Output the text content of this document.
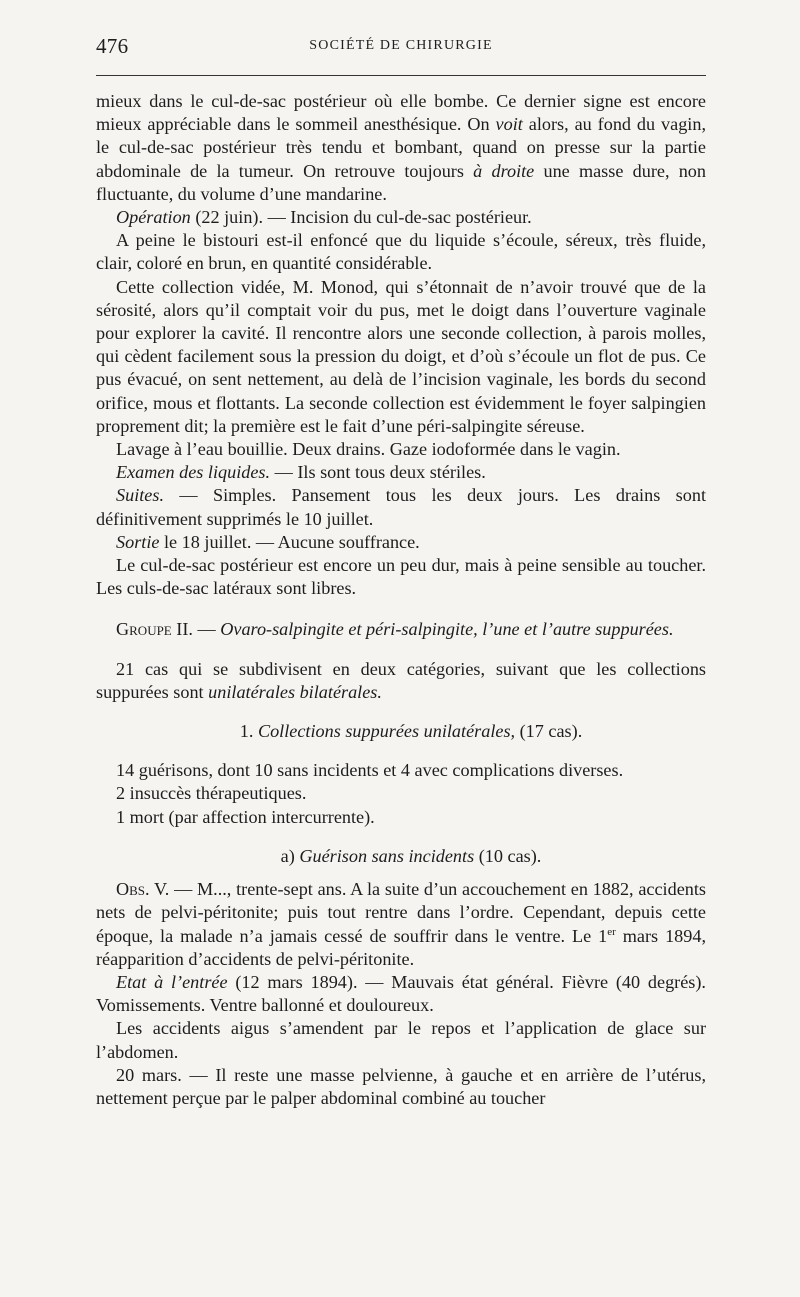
476	SOCIÉTÉ DE CHIRURGIE

mieux dans le cul-de-sac postérieur où elle bombe. Ce dernier signe est encore mieux appréciable dans le sommeil anesthésique. On voit alors, au fond du vagin, le cul-de-sac postérieur très tendu et bombant, quand on presse sur la partie abdominale de la tumeur. On retrouve toujours à droite une masse dure, non fluctuante, du volume d’une mandarine.

Opération (22 juin). — Incision du cul-de-sac postérieur.

A peine le bistouri est-il enfoncé que du liquide s’écoule, séreux, très fluide, clair, coloré en brun, en quantité considérable.

Cette collection vidée, M. Monod, qui s’étonnait de n’avoir trouvé que de la sérosité, alors qu’il comptait voir du pus, met le doigt dans l’ouverture vaginale pour explorer la cavité. Il rencontre alors une seconde collection, à parois molles, qui cèdent facilement sous la pression du doigt, et d’où s’écoule un flot de pus. Ce pus évacué, on sent nettement, au delà de l’incision vaginale, les bords du second orifice, mous et flottants. La seconde collection est évidemment le foyer salpingien proprement dit; la première est le fait d’une péri-salpingite séreuse.

Lavage à l’eau bouillie. Deux drains. Gaze iodoformée dans le vagin.

Examen des liquides. — Ils sont tous deux stériles.

Suites. — Simples. Pansement tous les deux jours. Les drains sont définitivement supprimés le 10 juillet.

Sortie le 18 juillet. — Aucune souffrance.

Le cul-de-sac postérieur est encore un peu dur, mais à peine sensible au toucher. Les culs-de-sac latéraux sont libres.

Groupe II. — Ovaro-salpingite et péri-salpingite, l’une et l’autre suppurées.

21 cas qui se subdivisent en deux catégories, suivant que les collections suppurées sont unilatérales bilatérales.

1. Collections suppurées unilatérales, (17 cas).

14 guérisons, dont 10 sans incidents et 4 avec complications diverses.

2 insuccès thérapeutiques.

1 mort (par affection intercurrente).

a) Guérison sans incidents (10 cas).

Obs. V. — M..., trente-sept ans. A la suite d’un accouchement en 1882, accidents nets de pelvi-péritonite; puis tout rentre dans l’ordre. Cependant, depuis cette époque, la malade n’a jamais cessé de souffrir dans le ventre. Le 1er mars 1894, réapparition d’accidents de pelvi-péritonite.

Etat à l’entrée (12 mars 1894). — Mauvais état général. Fièvre (40 degrés). Vomissements. Ventre ballonné et douloureux.

Les accidents aigus s’amendent par le repos et l’application de glace sur l’abdomen.

20 mars. — Il reste une masse pelvienne, à gauche et en arrière de l’utérus, nettement perçue par le palper abdominal combiné au toucher
